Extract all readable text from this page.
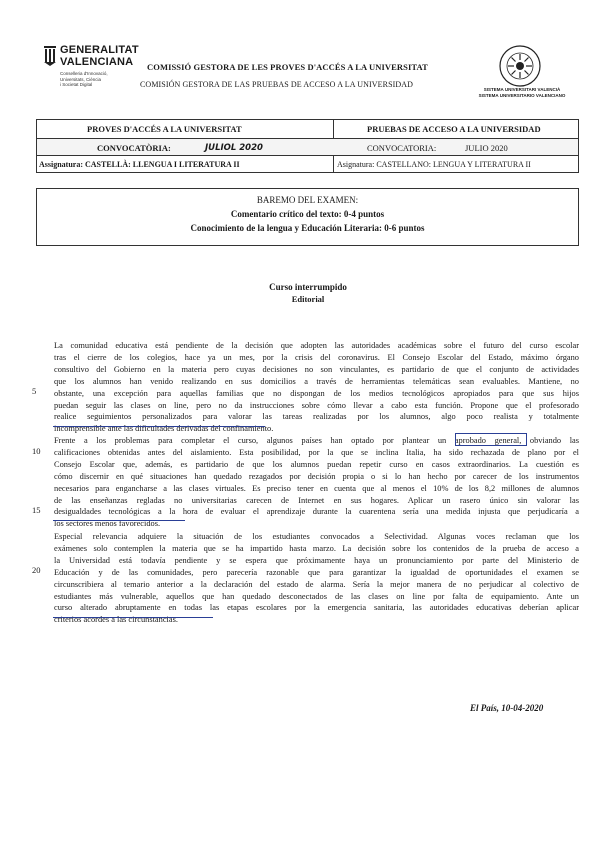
GENERALITAT
VALENCIANA
Conselleria d'Innovació,
Universitats, Ciència
i Societat Digital
COMISSIÓ GESTORA DE LES PROVES D'ACCÉS A LA UNIVERSITAT
COMISIÓN GESTORA DE LAS PRUEBAS DE ACCESO A LA UNIVERSIDAD
SISTEMA UNIVERSITARI VALENCIÀ
SISTEMA UNIVERSITARIO VALENCIANO
PROVES D'ACCÉS A LA UNIVERSITAT	PRUEBAS DE ACCESO A LA UNIVERSIDAD
CONVOCATÒRIA:	JULIOL 2020	CONVOCATORIA:	JULIO 2020
Assignatura: CASTELLÀ: LLENGUA I LITERATURA II	Asignatura: CASTELLANO: LENGUA Y LITERATURA II
BAREMO DEL EXAMEN:
Comentario crítico del texto: 0-4 puntos
Conocimiento de la lengua y Educación Literaria: 0-6 puntos
Curso interrumpido
Editorial
5
10
15
20
La comunidad educativa está pendiente de la decisión que adopten las autoridades académicas sobre el futuro del curso escolar
tras el cierre de los colegios, hace ya un mes, por la crisis del coronavirus. El Consejo Escolar del Estado, máximo órgano
consultivo del Gobierno en la materia pero cuyas decisiones no son vinculantes, es partidario de que el conjunto de actividades
que los alumnos han venido realizando en sus domicilios a través de herramientas telemáticas sean evaluables. Mantiene, no
obstante, una excepción para aquellas familias que no dispongan de los medios tecnológicos apropiados para que sus hijos
puedan seguir las clases on line, pero no da instrucciones sobre cómo llevar a cabo esta función. Propone que el profesorado
realice seguimientos personalizados para valorar las tareas realizadas por los alumnos, algo poco realista y totalmente
incomprensible ante las dificultades derivadas del confinamiento.
Frente a los problemas para completar el curso, algunos países han optado por plantear un aprobado general, obviando las
calificaciones obtenidas antes del aislamiento. Esta posibilidad, por la que se inclina Italia, ha sido rechazada de plano por el
Consejo Escolar que, además, es partidario de que los alumnos puedan repetir curso en casos extraordinarios. La cuestión es
cómo discernir en qué situaciones han quedado rezagados por decisión propia o si lo han hecho por carecer de los instrumentos
necesarios para engancharse a las clases virtuales. Es preciso tener en cuenta que al menos el 10% de los 8,2 millones de alumnos
de las enseñanzas regladas no universitarias carecen de Internet en sus hogares. Aplicar un rasero único sin valorar las
desigualdades tecnológicas a la hora de evaluar el aprendizaje durante la cuarentena sería una medida injusta que perjudicaría a
los sectores menos favorecidos.
Especial relevancia adquiere la situación de los estudiantes convocados a Selectividad. Algunas voces reclaman que los
exámenes solo contemplen la materia que se ha impartido hasta marzo. La decisión sobre los contenidos de la prueba de acceso a
la Universidad está todavía pendiente y se espera que próximamente haya un pronunciamiento por parte del Ministerio de
Educación y de las comunidades, pero parecería razonable que para garantizar la igualdad de oportunidades el examen se
circunscribiera al temario anterior a la declaración del estado de alarma. Sería la mejor manera de no perjudicar al colectivo de
estudiantes más vulnerable, aquellos que han quedado desconectados de las clases on line por falta de equipamiento. Ante un
curso alterado abruptamente en todas las etapas escolares por la emergencia sanitaria, las autoridades educativas deberían aplicar
criterios acordes a las circunstancias.
El País, 10-04-2020
